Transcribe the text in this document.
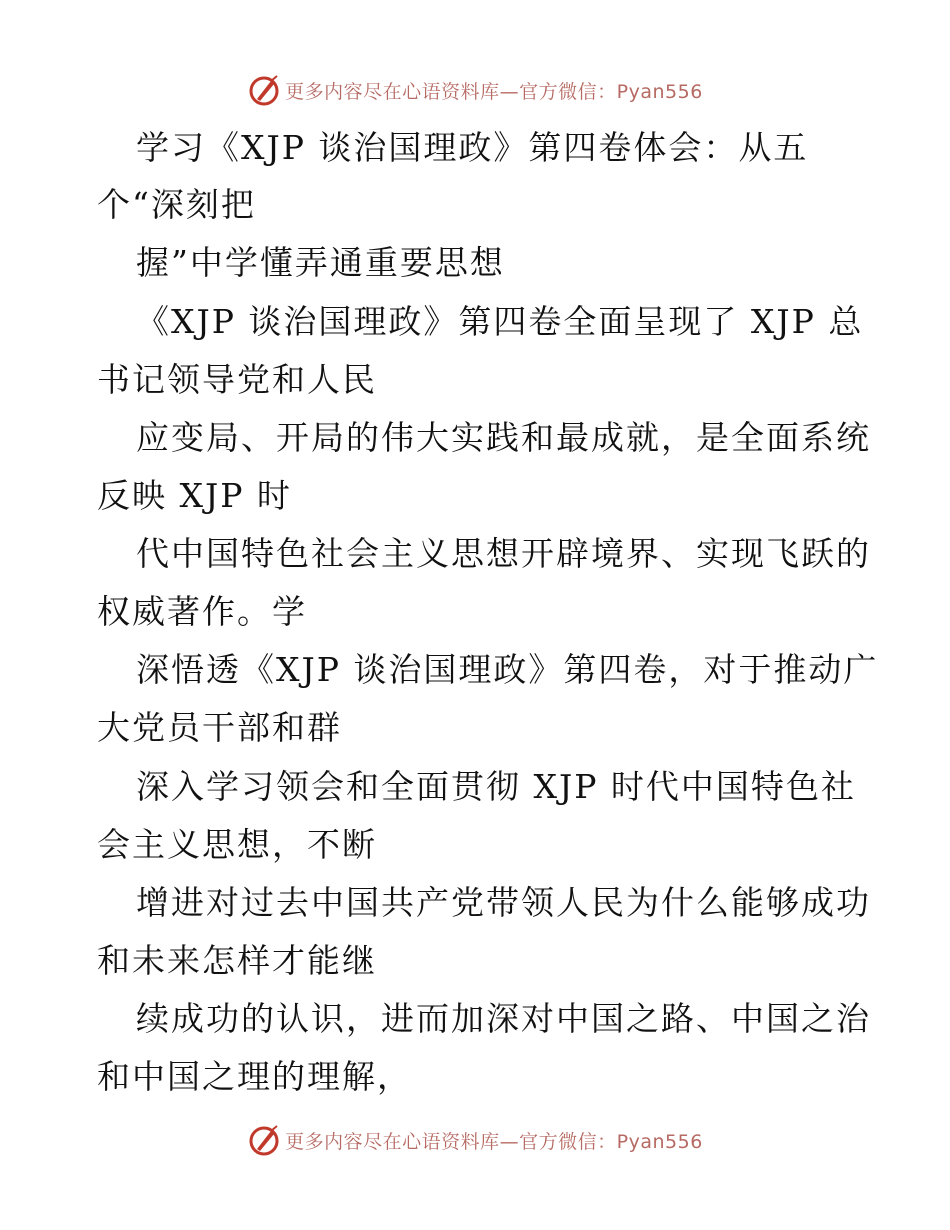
更多内容尽在心语资料库—官方微信：Pyan556
学习《XJP 谈治国理政》第四卷体会：从五
个“深刻把
握”中学懂弄通重要思想
《XJP 谈治国理政》第四卷全面呈现了 XJP 总
书记领导党和人民
应变局、开局的伟大实践和最成就，是全面系统
反映 XJP 时
代中国特色社会主义思想开辟境界、实现飞跃的
权威著作。学
深悟透《XJP 谈治国理政》第四卷，对于推动广
大党员干部和群
深入学习领会和全面贯彻 XJP 时代中国特色社
会主义思想，不断
增进对过去中国共产党带领人民为什么能够成功
和未来怎样才能继
续成功的认识，进而加深对中国之路、中国之治
和中国之理的理解，
更多内容尽在心语资料库—官方微信：Pyan556
